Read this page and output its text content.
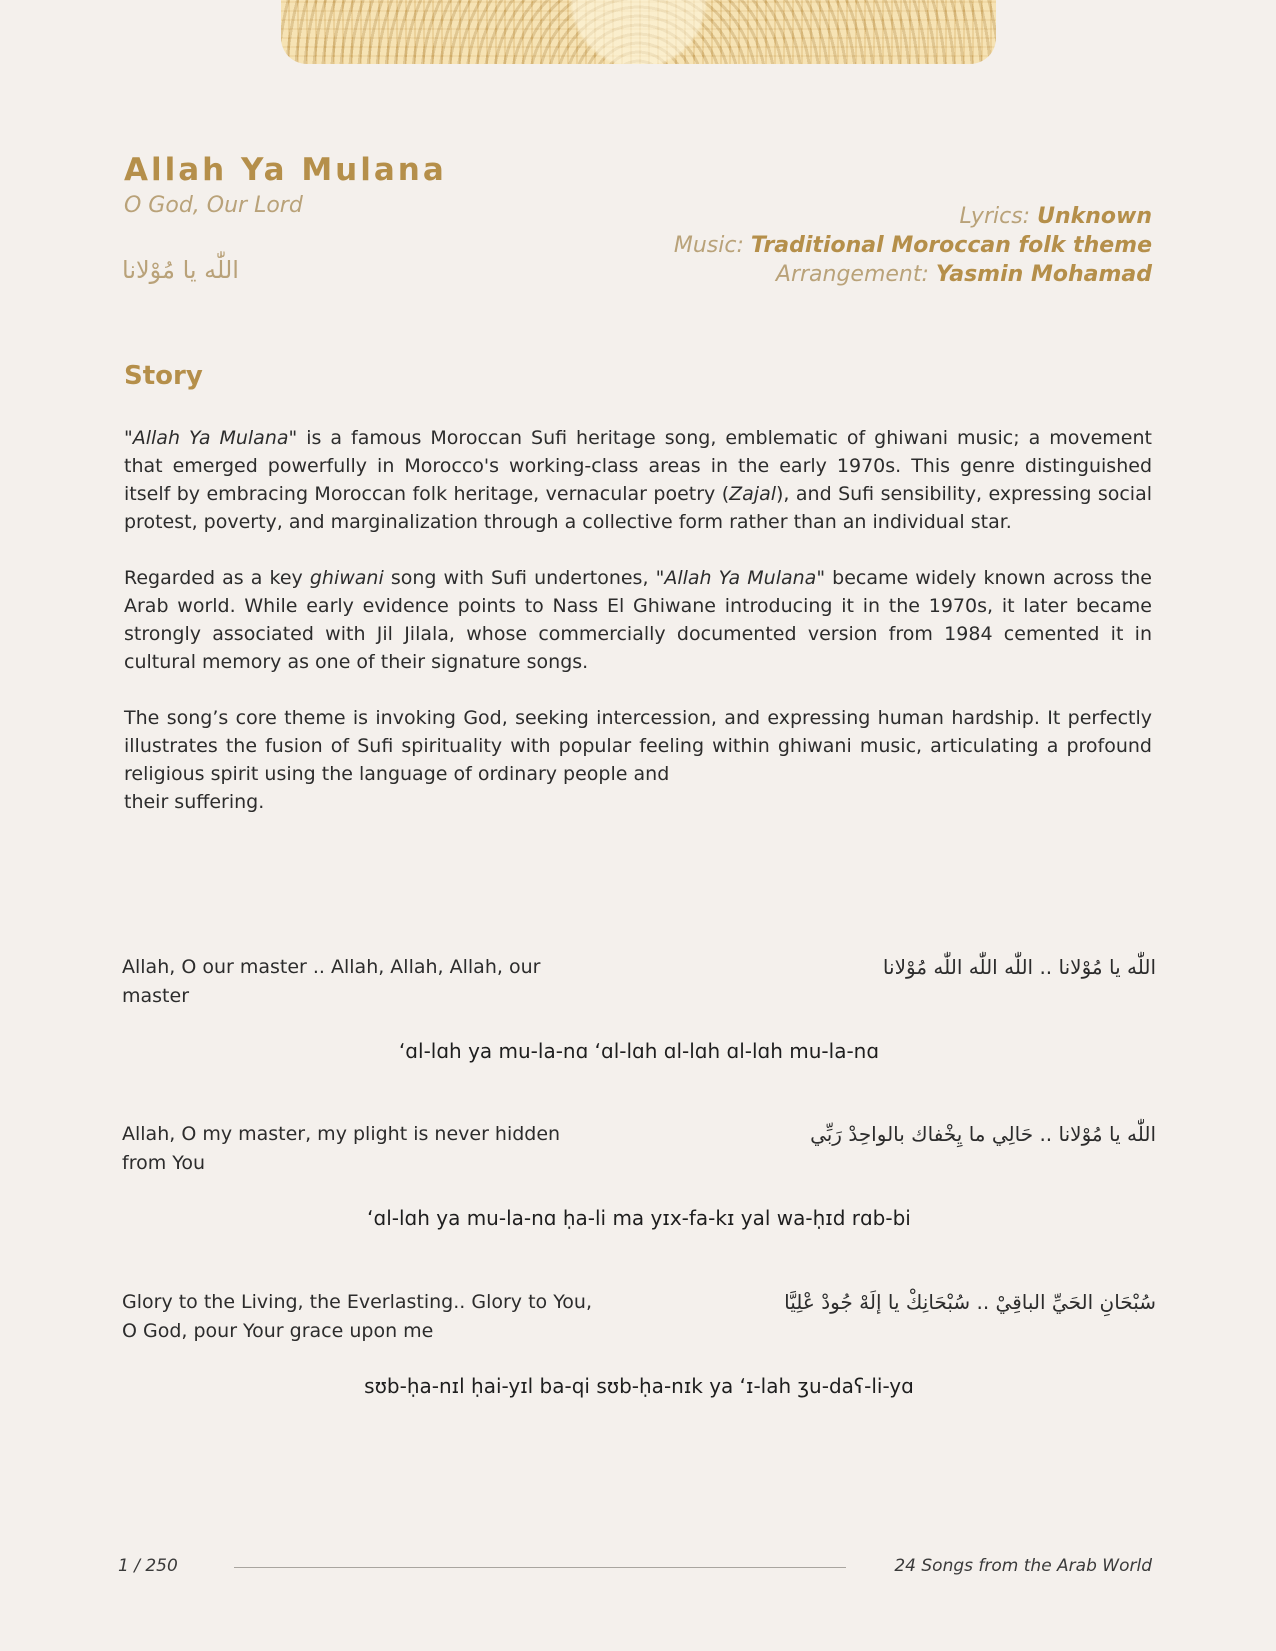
Allah Ya Mulana
O God, Our Lord
اللّٰه يا مُوْلانا
Lyrics: Unknown
Music: Traditional Moroccan folk theme
Arrangement: Yasmin Mohamad
Story

"Allah Ya Mulana" is a famous Moroccan Sufi heritage song, emblematic of ghiwani music; a movement that emerged powerfully in Morocco's working-class areas in the early 1970s. This genre distinguished itself by embracing Moroccan folk heritage, vernacular poetry (Zajal), and Sufi sensibility, expressing social protest, poverty, and marginalization through a collective form rather than an individual star.

Regarded as a key ghiwani song with Sufi undertones, "Allah Ya Mulana" became widely known across the Arab world. While early evidence points to Nass El Ghiwane introducing it in the 1970s, it later became strongly associated with Jil Jilala, whose commercially documented version from 1984 cemented it in cultural memory as one of their signature songs.

The song’s core theme is invoking God, seeking intercession, and expressing human hardship. It perfectly illustrates the fusion of Sufi spirituality with popular feeling within ghiwani music, articulating a profound religious spirit using the language of ordinary people and
their suffering.

Allah, O our master .. Allah, Allah, Allah, our master
اللّٰه يا مُوْلانا .. اللّٰه اللّٰه اللّٰه مُوْلانا
ʻɑl-lɑh ya mu-la-nɑ ʻɑl-lɑh ɑl-lɑh ɑl-lɑh mu-la-nɑ
Allah, O my master, my plight is never hidden from You
اللّٰه يا مُوْلانا .. حَالِي ما يِخْفاك بالواحِدْ رَبِّي
ʻɑl-lɑh ya mu-la-nɑ ḥa-li ma yɪx-fa-kɪ yal wa-ḥɪd rɑb-bi
Glory to the Living, the Everlasting.. Glory to You, O God, pour Your grace upon me
سُبْحَانِ الحَيِّ الباقِيْ .. سُبْحَانِكْ يا إلَهْ جُودْ عْلِيَّا
sʊb-ḥa-nɪl ḥai-yɪl ba-qi sʊb-ḥa-nɪk ya ʻɪ-lah ʒu-daʕ-li-yɑ
1 / 250	24 Songs from the Arab World
